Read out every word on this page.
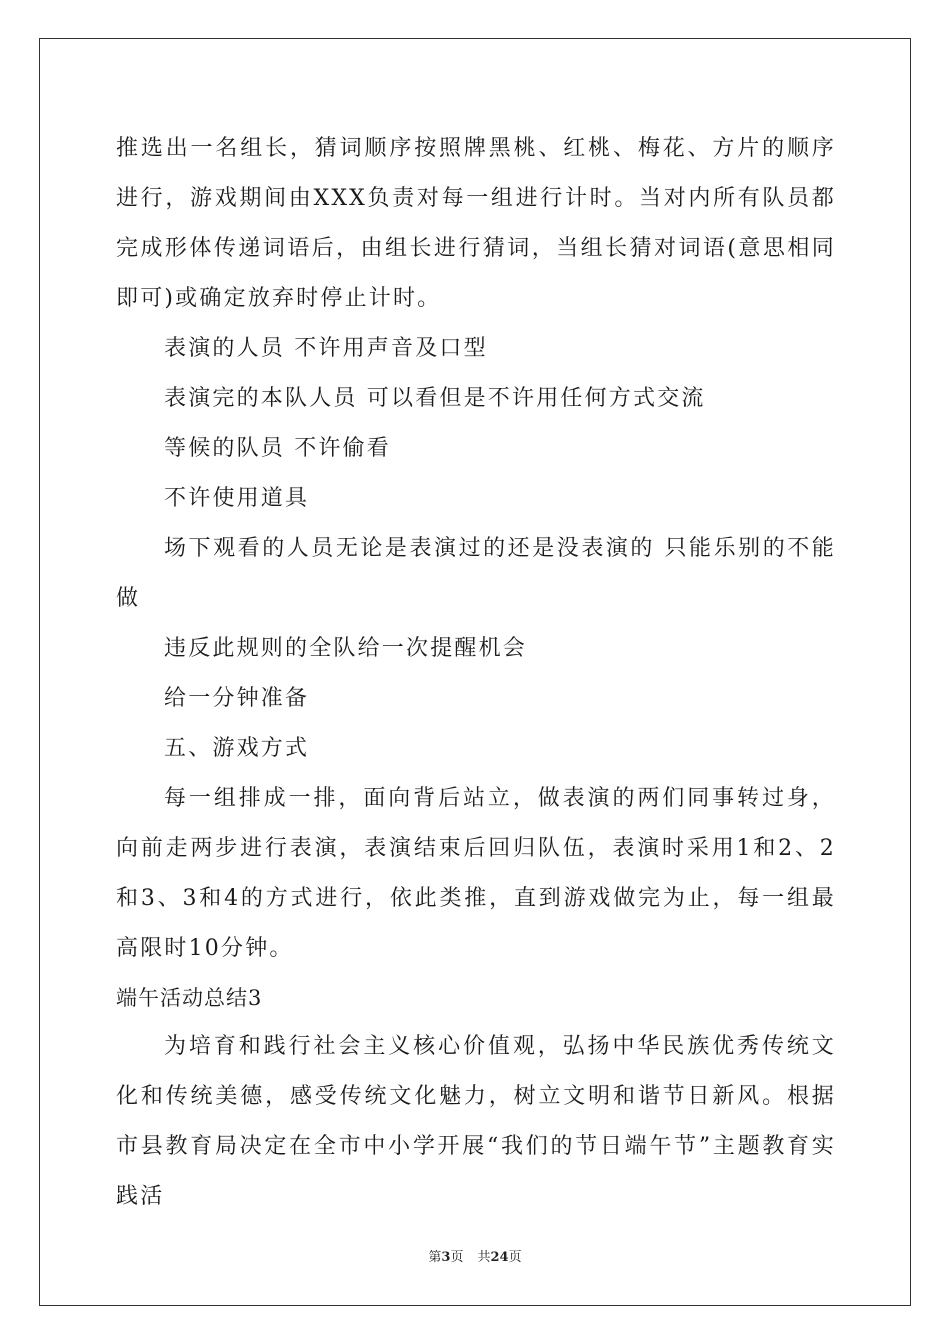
推选出一名组长，猜词顺序按照牌黑桃、红桃、梅花、方片的顺序进行，游戏期间由XXX负责对每一组进行计时。当对内所有队员都完成形体传递词语后，由组长进行猜词，当组长猜对词语(意思相同即可)或确定放弃时停止计时。

表演的人员 不许用声音及口型

表演完的本队人员 可以看但是不许用任何方式交流

等候的队员 不许偷看

不许使用道具

场下观看的人员无论是表演过的还是没表演的 只能乐别的不能做

违反此规则的全队给一次提醒机会

给一分钟准备

五、游戏方式

每一组排成一排，面向背后站立，做表演的两们同事转过身，向前走两步进行表演，表演结束后回归队伍，表演时采用1和2、2和3、3和4的方式进行，依此类推，直到游戏做完为止，每一组最高限时10分钟。

端午活动总结3

为培育和践行社会主义核心价值观，弘扬中华民族优秀传统文化和传统美德，感受传统文化魅力，树立文明和谐节日新风。根据市县教育局决定在全市中小学开展“我们的节日端午节”主题教育实践活

第3页 共24页
